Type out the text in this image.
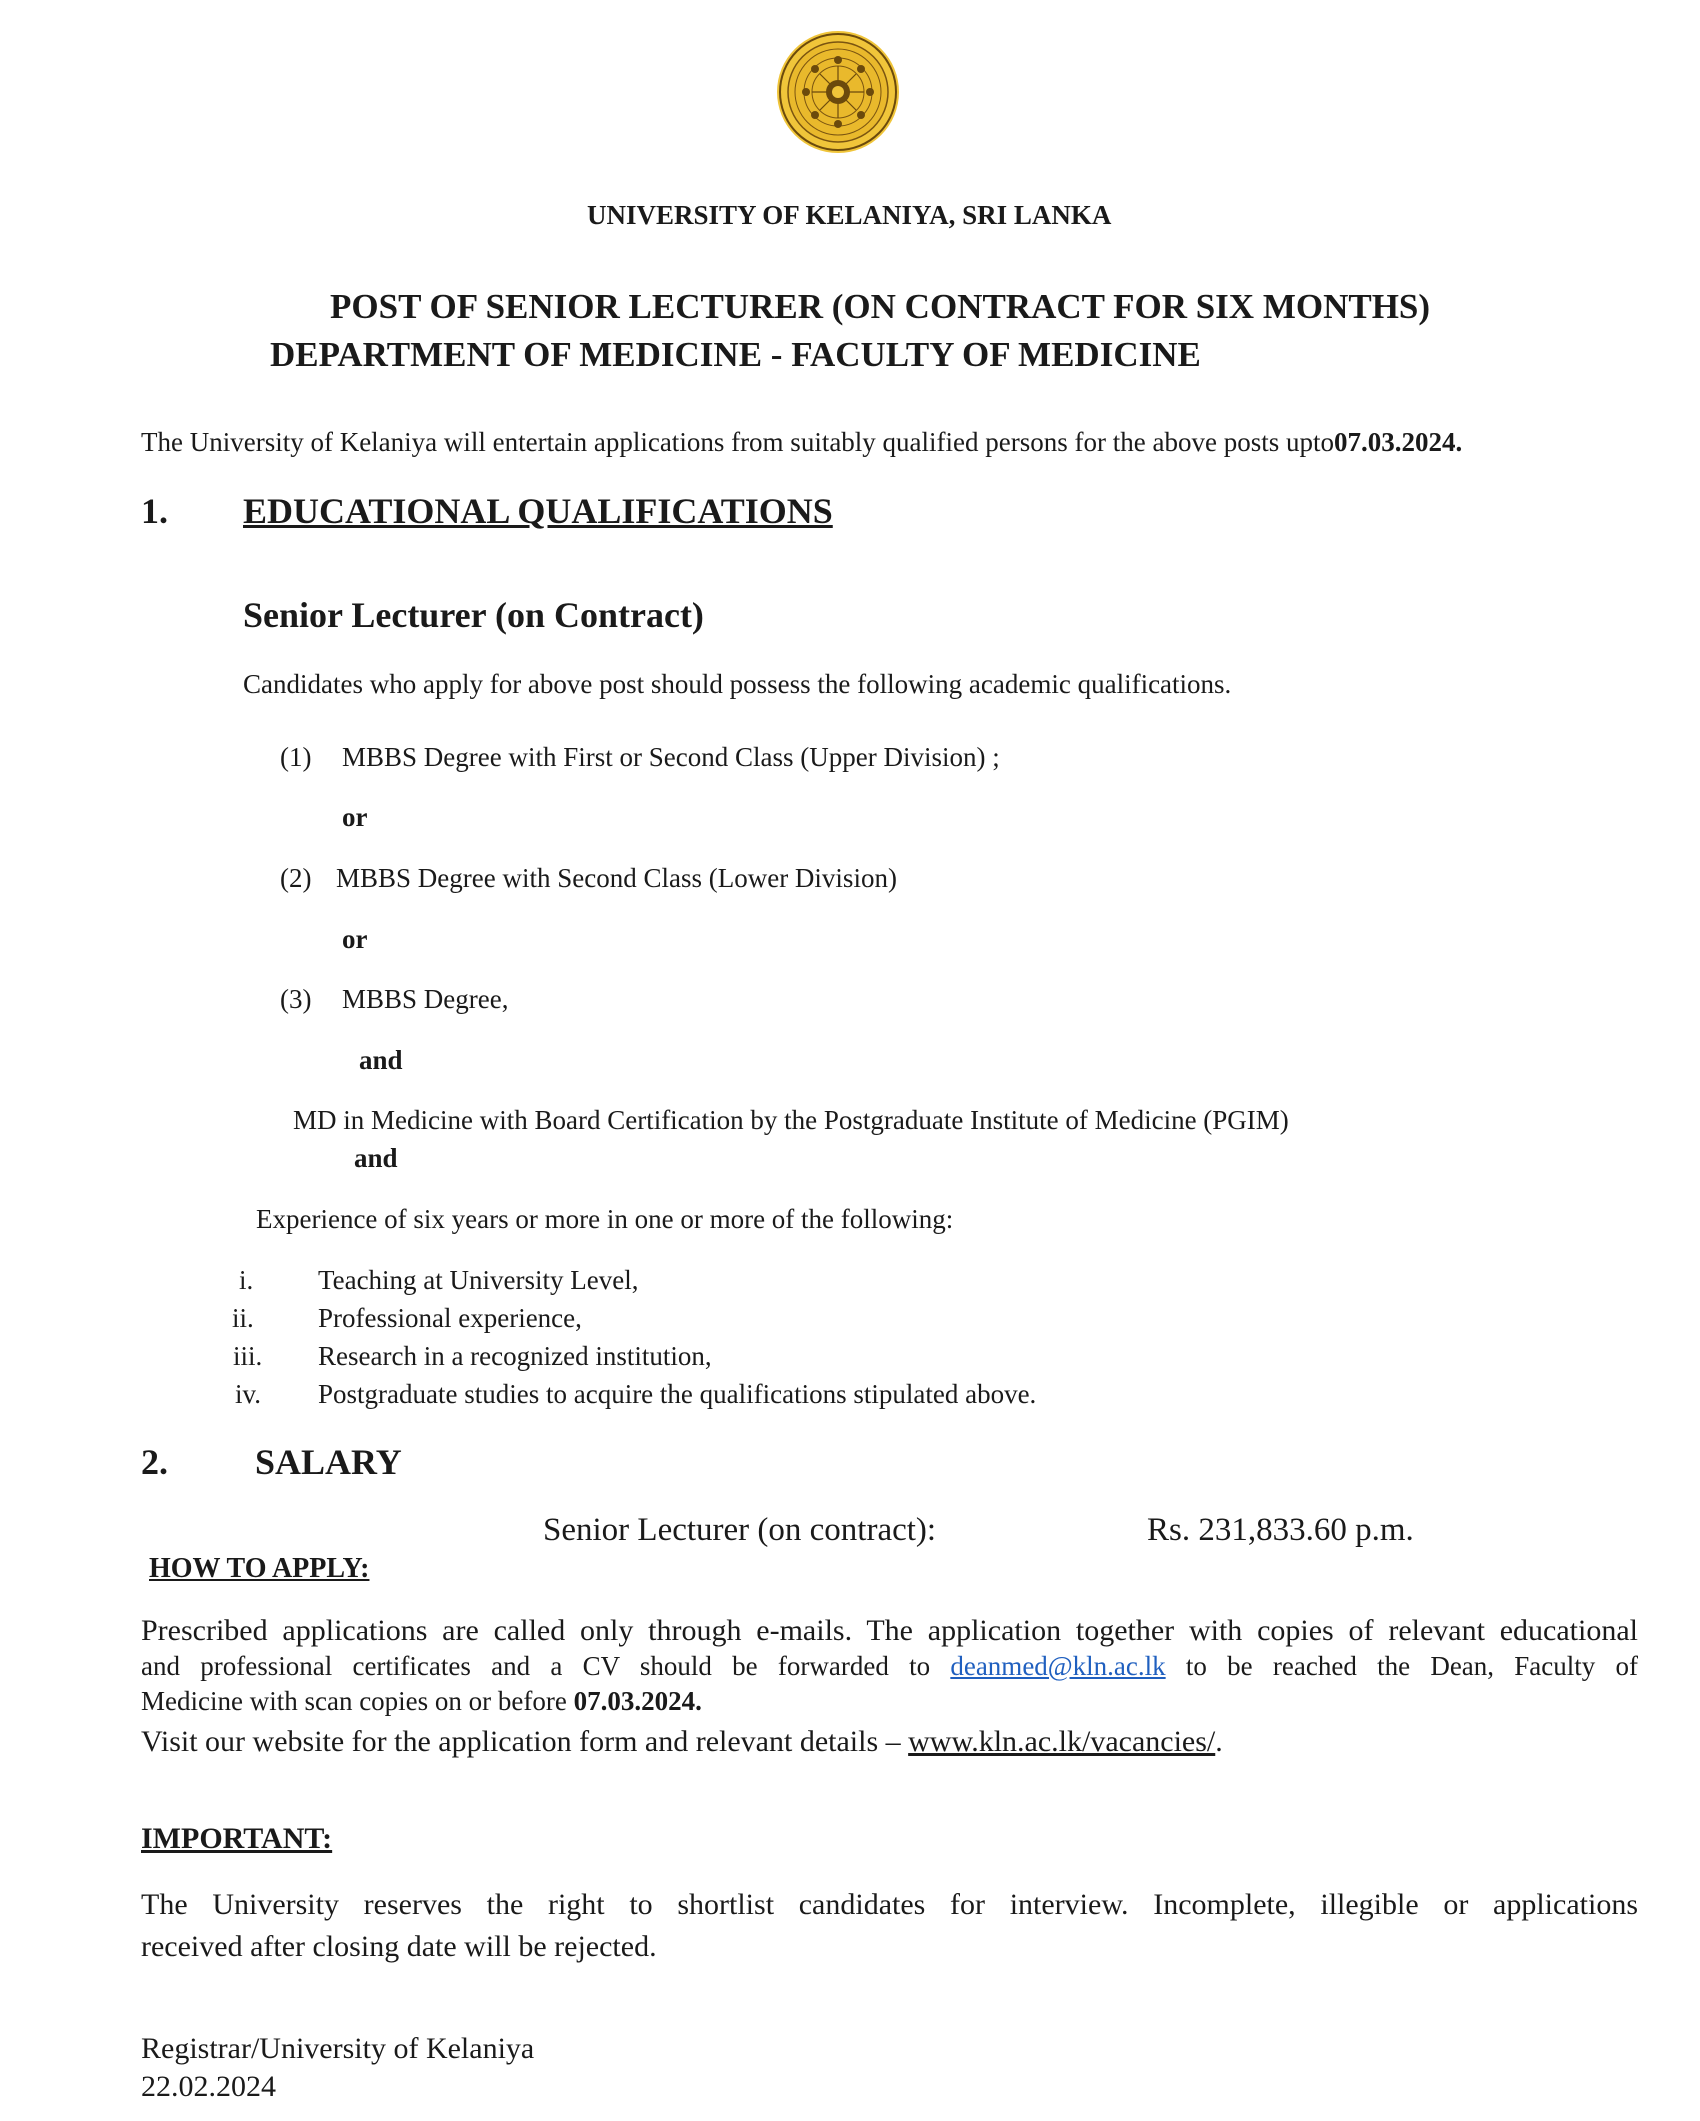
UNIVERSITY OF KELANIYA, SRI LANKA
POST OF SENIOR LECTURER (ON CONTRACT FOR SIX MONTHS)
DEPARTMENT OF MEDICINE - FACULTY OF MEDICINE
The University of Kelaniya will entertain applications from suitably qualified persons for the above posts upto07.03.2024.
1. EDUCATIONAL QUALIFICATIONS
Senior Lecturer (on Contract)
Candidates who apply for above post should possess the following academic qualifications.
(1) MBBS Degree with First or Second Class (Upper Division) ;
or
(2) MBBS Degree with Second Class (Lower Division)
or
(3) MBBS Degree,
and
MD in Medicine with Board Certification by the Postgraduate Institute of Medicine (PGIM)
and
Experience of six years or more in one or more of the following:
i. Teaching at University Level,
ii. Professional experience,
iii. Research in a recognized institution,
iv. Postgraduate studies to acquire the qualifications stipulated above.
2. SALARY
Senior Lecturer (on contract):	Rs. 231,833.60 p.m.
HOW TO APPLY:
Prescribed applications are called only through e-mails. The application together with copies of relevant educational
and professional certificates and a CV should be forwarded to deanmed@kln.ac.lk to be reached the Dean, Faculty of
Medicine with scan copies on or before 07.03.2024.
Visit our website for the application form and relevant details – www.kln.ac.lk/vacancies/.
IMPORTANT:
The University reserves the right to shortlist candidates for interview. Incomplete, illegible or applications
received after closing date will be rejected.
Registrar/University of Kelaniya
22.02.2024
